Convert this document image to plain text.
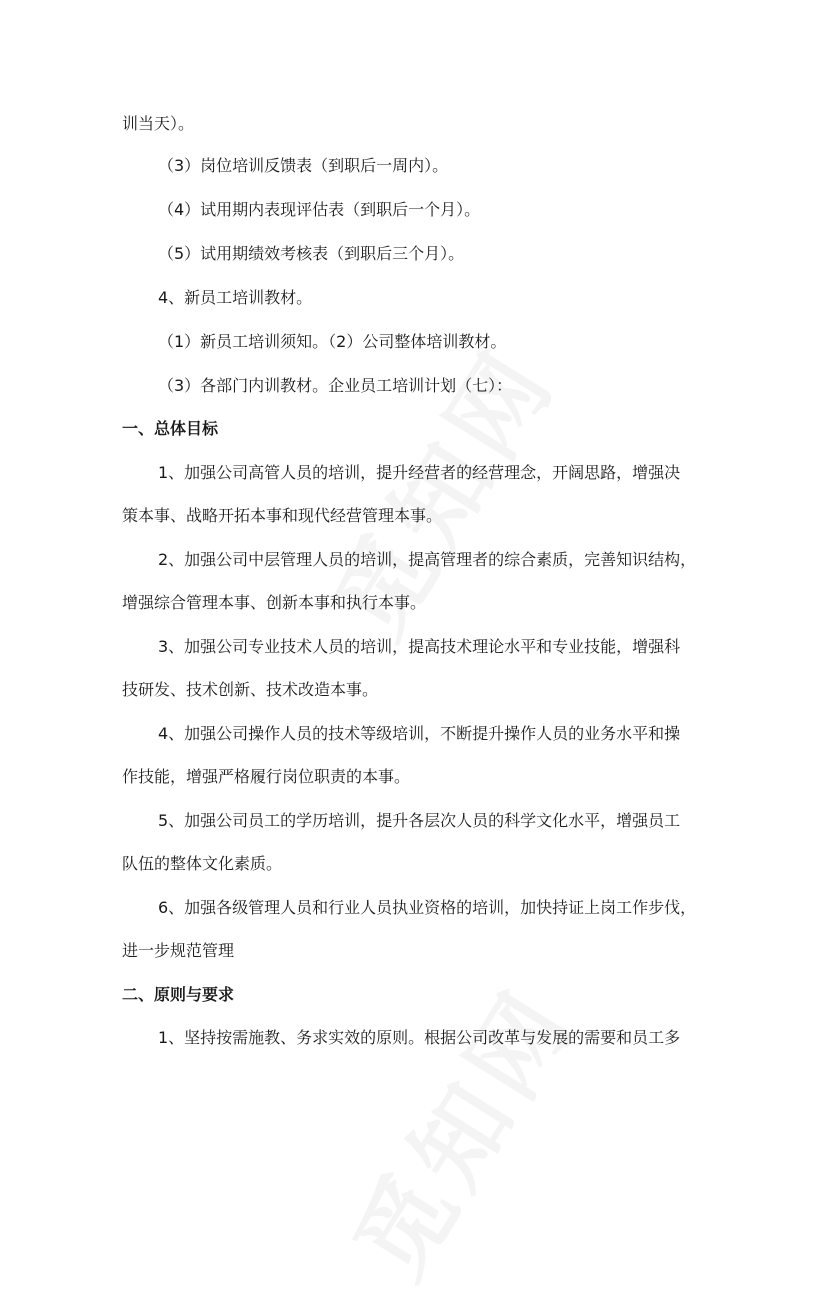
训当天）。
（3）岗位培训反馈表（到职后一周内）。
（4）试用期内表现评估表（到职后一个月）。
（5）试用期绩效考核表（到职后三个月）。
4、新员工培训教材。
（1）新员工培训须知。（2）公司整体培训教材。
（3）各部门内训教材。企业员工培训计划（七）：
一、总体目标
1、加强公司高管人员的培训，提升经营者的经营理念，开阔思路，增强决
策本事、战略开拓本事和现代经营管理本事。
2、加强公司中层管理人员的培训，提高管理者的综合素质，完善知识结构，
增强综合管理本事、创新本事和执行本事。
3、加强公司专业技术人员的培训，提高技术理论水平和专业技能，增强科
技研发、技术创新、技术改造本事。
4、加强公司操作人员的技术等级培训，不断提升操作人员的业务水平和操
作技能，增强严格履行岗位职责的本事。
5、加强公司员工的学历培训，提升各层次人员的科学文化水平，增强员工
队伍的整体文化素质。
6、加强各级管理人员和行业人员执业资格的培训，加快持证上岗工作步伐，
进一步规范管理
二、原则与要求
1、坚持按需施教、务求实效的原则。根据公司改革与发展的需要和员工多
